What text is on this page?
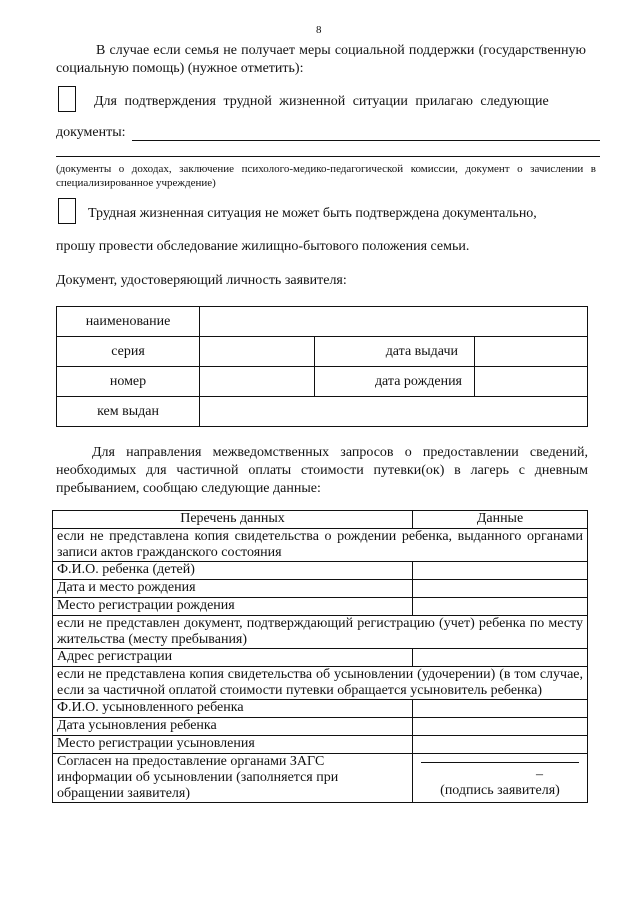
8
В случае если семья не получает меры социальной поддержки (государственную социальную помощь) (нужное отметить):
Для подтверждения трудной жизненной ситуации прилагаю следующие
документы:
(документы о доходах, заключение психолого-медико-педагогической комиссии, документ о зачислении в специализированное учреждение)
Трудная жизненная ситуация не может быть подтверждена документально,
прошу провести обследование жилищно-бытового положения семьи.
Документ, удостоверяющий личность заявителя:
наименование			
серия		дата выдачи	
номер		дата рождения	
кем выдан			
Для направления межведомственных запросов о предоставлении сведений, необходимых для частичной оплаты стоимости путевки(ок) в лагерь с дневным пребыванием, сообщаю следующие данные:
Перечень данных	Данные
если не представлена копия свидетельства о рождении ребенка, выданного органами записи актов гражданского состояния	
Ф.И.О. ребенка (детей)	
Дата и место рождения	
Место регистрации рождения	
если не представлен документ, подтверждающий регистрацию (учет) ребенка по месту жительства (месту пребывания)	
Адрес регистрации	
если не представлена копия свидетельства об усыновлении (удочерении) (в том случае, если за частичной оплатой стоимости путевки обращается усыновитель ребенка)	
Ф.И.О. усыновленного ребенка	
Дата усыновления ребенка	
Место регистрации усыновления	
Согласен на предоставление органами ЗАГС информации об усыновлении (заполняется при обращении заявителя)	–
(подпись заявителя)
